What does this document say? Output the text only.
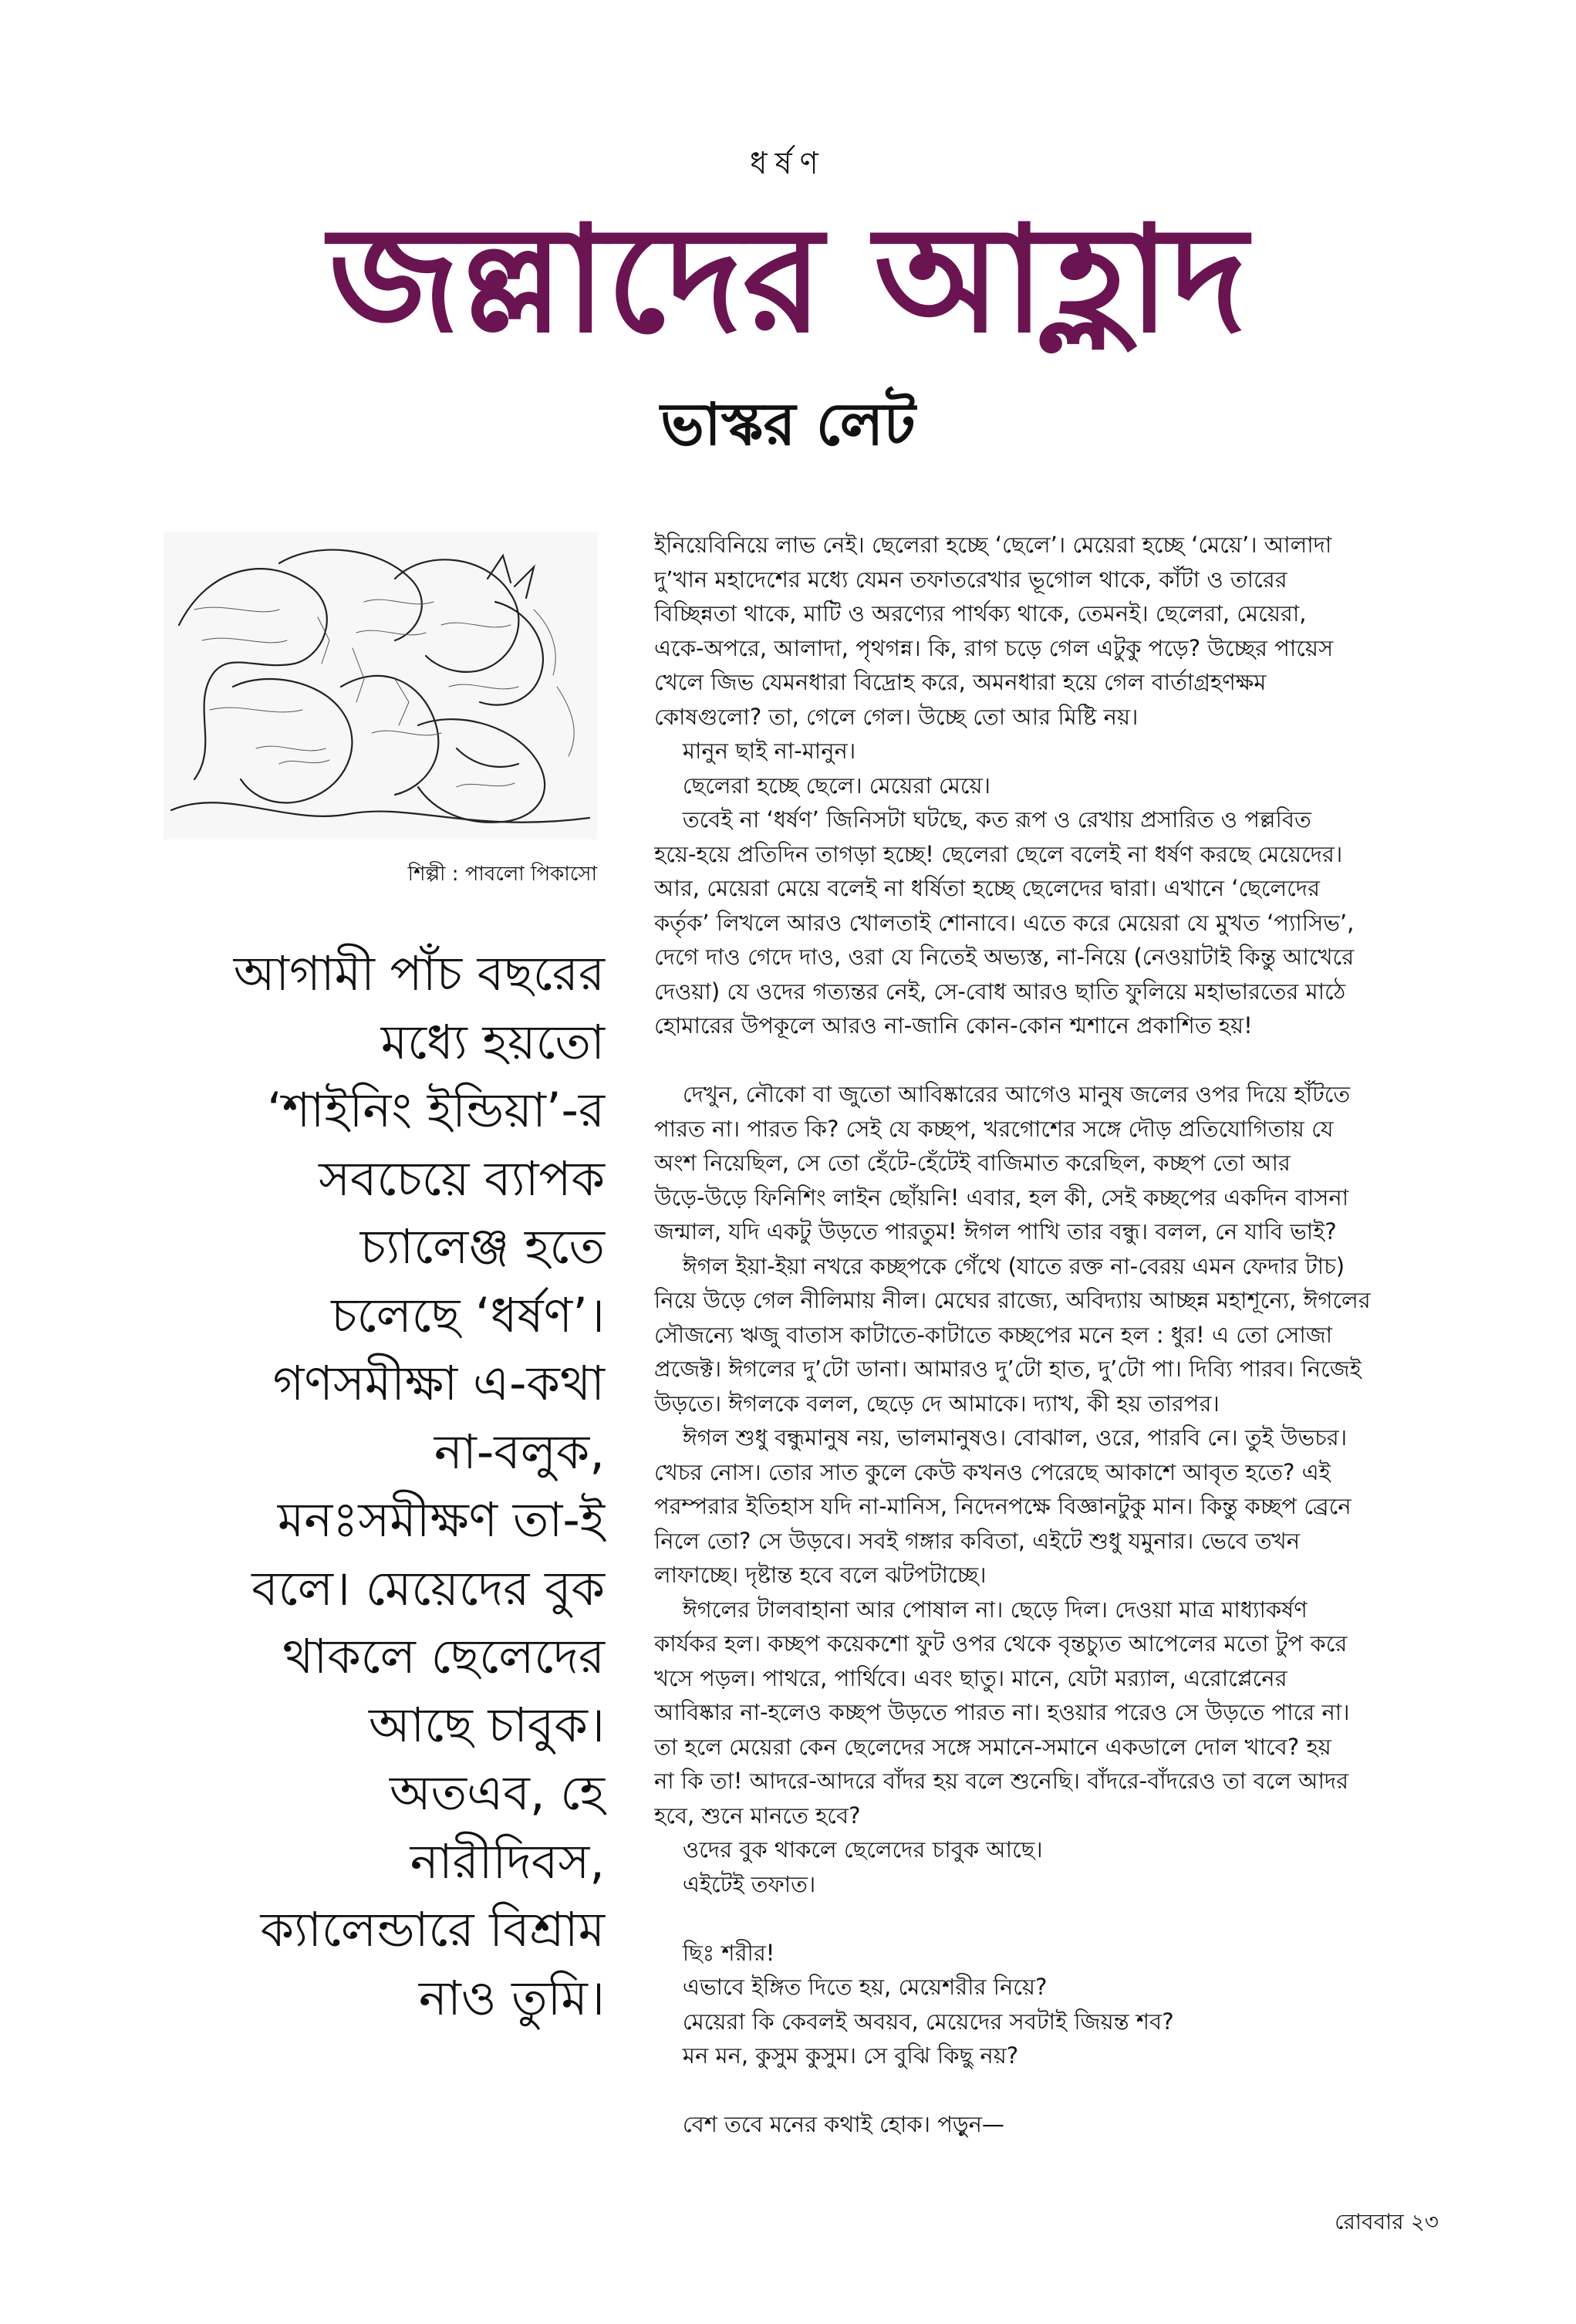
ধর্ষণ
জল্লাদের আহ্লাদ
ভাস্কর লেট
শিল্পী : পাবলো পিকাসো
আগামী পাঁচ বছরের
মধ্যে হয়তো
‘শাইনিং ইন্ডিয়া’-র
সবচেয়ে ব্যাপক
চ্যালেঞ্জ হতে
চলেছে ‘ধর্ষণ’।
গণসমীক্ষা এ-কথা
না-বলুক,
মনঃসমীক্ষণ তা-ই
বলে। মেয়েদের বুক
থাকলে ছেলেদের
আছে চাবুক।
অতএব, হে
নারীদিবস,
ক্যালেন্ডারে বিশ্রাম
নাও তুমি।
ইনিয়েবিনিয়ে লাভ নেই। ছেলেরা হচ্ছে ‘ছেলে’। মেয়েরা হচ্ছে ‘মেয়ে’। আলাদা
দু’খান মহাদেশের মধ্যে যেমন তফাতরেখার ভূগোল থাকে, কাঁটা ও তারের
বিচ্ছিন্নতা থাকে, মাটি ও অরণ্যের পার্থক্য থাকে, তেমনই। ছেলেরা, মেয়েরা,
একে-অপরে, আলাদা, পৃথগন্ন। কি, রাগ চড়ে গেল এটুকু পড়ে? উচ্ছের পায়েস
খেলে জিভ যেমনধারা বিদ্রোহ করে, অমনধারা হয়ে গেল বার্তাগ্রহণক্ষম
কোষগুলো? তা, গেলে গেল। উচ্ছে তো আর মিষ্টি নয়।
মানুন ছাই না-মানুন।
ছেলেরা হচ্ছে ছেলে। মেয়েরা মেয়ে।
তবেই না ‘ধর্ষণ’ জিনিসটা ঘটছে, কত রূপ ও রেখায় প্রসারিত ও পল্লবিত
হয়ে-হয়ে প্রতিদিন তাগড়া হচ্ছে! ছেলেরা ছেলে বলেই না ধর্ষণ করছে মেয়েদের।
আর, মেয়েরা মেয়ে বলেই না ধর্ষিতা হচ্ছে ছেলেদের দ্বারা। এখানে ‘ছেলেদের
কর্তৃক’ লিখলে আরও খোলতাই শোনাবে। এতে করে মেয়েরা যে মুখত ‘প্যাসিভ’,
দেগে দাও গেদে দাও, ওরা যে নিতেই অভ্যস্ত, না-নিয়ে (নেওয়াটাই কিন্তু আখেরে
দেওয়া) যে ওদের গত্যন্তর নেই, সে-বোধ আরও ছাতি ফুলিয়ে মহাভারতের মাঠে
হোমারের উপকূলে আরও না-জানি কোন-কোন শ্মশানে প্রকাশিত হয়!
দেখুন, নৌকো বা জুতো আবিষ্কারের আগেও মানুষ জলের ওপর দিয়ে হাঁটতে
পারত না। পারত কি? সেই যে কচ্ছপ, খরগোশের সঙ্গে দৌড় প্রতিযোগিতায় যে
অংশ নিয়েছিল, সে তো হেঁটে-হেঁটেই বাজিমাত করেছিল, কচ্ছপ তো আর
উড়ে-উড়ে ফিনিশিং লাইন ছোঁয়নি! এবার, হল কী, সেই কচ্ছপের একদিন বাসনা
জন্মাল, যদি একটু উড়তে পারতুম! ঈগল পাখি তার বন্ধু। বলল, নে যাবি ভাই?
ঈগল ইয়া-ইয়া নখরে কচ্ছপকে গেঁথে (যাতে রক্ত না-বেরয় এমন ফেদার টাচ)
নিয়ে উড়ে গেল নীলিমায় নীল। মেঘের রাজ্যে, অবিদ্যায় আচ্ছন্ন মহাশূন্যে, ঈগলের
সৌজন্যে ঋজু বাতাস কাটাতে-কাটাতে কচ্ছপের মনে হল : ধুর! এ তো সোজা
প্রজেক্ট। ঈগলের দু’টো ডানা। আমারও দু’টো হাত, দু’টো পা। দিব্যি পারব। নিজেই
উড়তে। ঈগলকে বলল, ছেড়ে দে আমাকে। দ্যাখ, কী হয় তারপর।
ঈগল শুধু বন্ধুমানুষ নয়, ভালমানুষও। বোঝাল, ওরে, পারবি নে। তুই উভচর।
খেচর নোস। তোর সাত কুলে কেউ কখনও পেরেছে আকাশে আবৃত হতে? এই
পরম্পরার ইতিহাস যদি না-মানিস, নিদেনপক্ষে বিজ্ঞানটুকু মান। কিন্তু কচ্ছপ ব্রেনে
নিলে তো? সে উড়বে। সবই গঙ্গার কবিতা, এইটে শুধু যমুনার। ভেবে তখন
লাফাচ্ছে। দৃষ্টান্ত হবে বলে ঝটপটাচ্ছে।
ঈগলের টালবাহানা আর পোষাল না। ছেড়ে দিল। দেওয়া মাত্র মাধ্যাকর্ষণ
কার্যকর হল। কচ্ছপ কয়েকশো ফুট ওপর থেকে বৃন্তচ্যুত আপেলের মতো টুপ করে
খসে পড়ল। পাথরে, পার্থিবে। এবং ছাতু। মানে, যেটা মর‍্যাল, এরোপ্লেনের
আবিষ্কার না-হলেও কচ্ছপ উড়তে পারত না। হওয়ার পরেও সে উড়তে পারে না।
তা হলে মেয়েরা কেন ছেলেদের সঙ্গে সমানে-সমানে একডালে দোল খাবে? হয়
না কি তা! আদরে-আদরে বাঁদর হয় বলে শুনেছি। বাঁদরে-বাঁদরেও তা বলে আদর
হবে, শুনে মানতে হবে?
ওদের বুক থাকলে ছেলেদের চাবুক আছে।
এইটেই তফাত।
ছিঃ শরীর!
এভাবে ইঙ্গিত দিতে হয়, মেয়েশরীর নিয়ে?
মেয়েরা কি কেবলই অবয়ব, মেয়েদের সবটাই জিয়ন্ত শব?
মন মন, কুসুম কুসুম। সে বুঝি কিছু নয়?
বেশ তবে মনের কথাই হোক। পড়ুন—
রোববার ২৩
